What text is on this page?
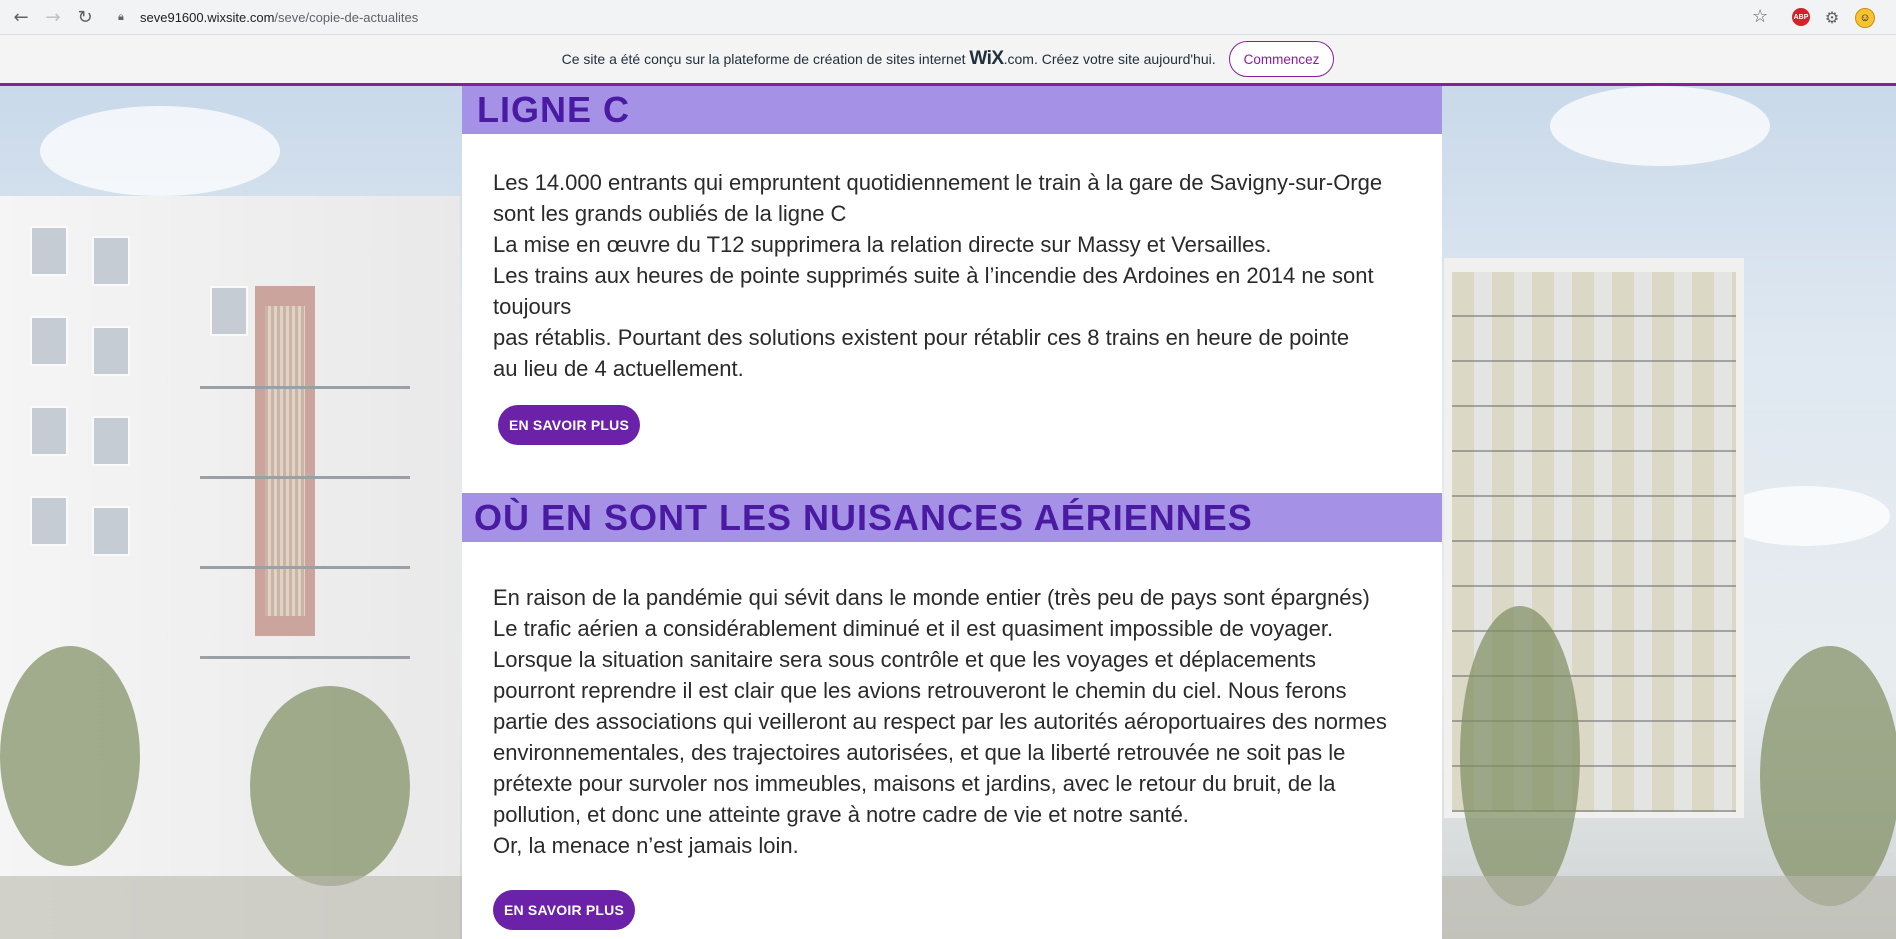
← → ↻	🔒︎	seve91600.wixsite.com /seve/copie-de-actualites	☆	ABP ⚙	☺
Ce site a été conçu sur la plateforme de création de sites internet WiX.com. Créez votre site aujourd'hui.	Commencez
LIGNE C
Les 14.000 entrants qui empruntent quotidiennement le train à la gare de Savigny-sur-Orge
sont les grands oubliés de la ligne C
La mise en œuvre du T12 supprimera la relation directe sur Massy et Versailles.
Les trains aux heures de pointe supprimés suite à l’incendie des Ardoines en 2014 ne sont
toujours
pas rétablis. Pourtant des solutions existent pour rétablir ces 8 trains en heure de pointe
au lieu de 4 actuellement.
EN SAVOIR PLUS
OÙ EN SONT LES NUISANCES AÉRIENNES
En raison de la pandémie qui sévit dans le monde entier (très peu de pays sont épargnés)
Le trafic aérien a considérablement diminué et il est quasiment impossible de voyager.
Lorsque la situation sanitaire sera sous contrôle et que les voyages et déplacements
pourront reprendre il est clair que les avions retrouveront le chemin du ciel. Nous ferons
partie des associations qui veilleront au respect par les autorités aéroportuaires des normes
environnementales, des trajectoires autorisées, et que la liberté retrouvée ne soit pas le
prétexte pour survoler nos immeubles, maisons et jardins, avec le retour du bruit, de la
pollution, et donc une atteinte grave à notre cadre de vie et notre santé.
Or, la menace n’est jamais loin.
EN SAVOIR PLUS
